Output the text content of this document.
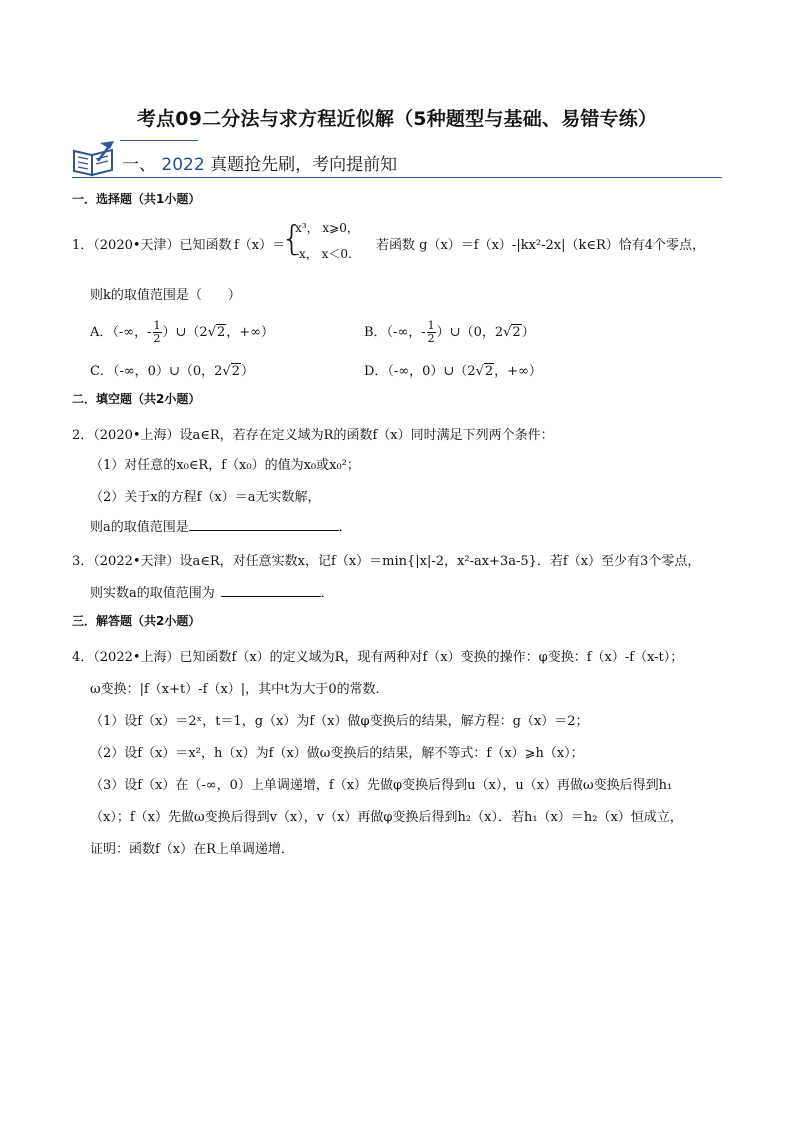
考点09二分法与求方程近似解（5种题型与基础、易错专练）
一、 2022 真题抢先刷，考向提前知
一．选择题（共1小题）
1．（2020•天津）已知函数 f（x）＝
{
x³， x⩾0，
-x， x＜0.
若函数 g（x）＝f（x）-|kx²-2x|（k∈R）恰有4个零点，
则k的取值范围是（　　）
A．（-∞，- $\frac{1}{2}$ ）∪（2√2，+∞）	B．（-∞，- $\frac{1}{2}$ ）∪（0，2√2）
C．（-∞，0）∪（0，2√2）	D．（-∞，0）∪（2√2，+∞）
二．填空题（共2小题）
2．（2020•上海）设a∈R，若存在定义域为R的函数f（x）同时满足下列两个条件：
（1）对任意的x₀∈R，f（x₀）的值为x₀或x₀²；
（2）关于x的方程f（x）＝a无实数解，
则a的取值范围是	．
3．（2022•天津）设a∈R，对任意实数x，记f（x）＝min{|x|-2，x²-ax+3a-5}．若f（x）至少有3个零点，
则实数a的取值范围为	．
三．解答题（共2小题）
4．（2022•上海）已知函数f（x）的定义域为R，现有两种对f（x）变换的操作：φ变换：f（x）-f（x-t）；
ω变换：|f（x+t）-f（x）|，其中t为大于0的常数．
（1）设f（x）＝2ˣ，t＝1，g（x）为f（x）做φ变换后的结果，解方程：g（x）＝2；
（2）设f（x）＝x²，h（x）为f（x）做ω变换后的结果，解不等式：f（x）⩾h（x）；
（3）设f（x）在（-∞，0）上单调递增，f（x）先做φ变换后得到u（x），u（x）再做ω变换后得到h₁
（x）；f（x）先做ω变换后得到v（x），v（x）再做φ变换后得到h₂（x）．若h₁（x）＝h₂（x）恒成立，
证明：函数f（x）在R上单调递增．
